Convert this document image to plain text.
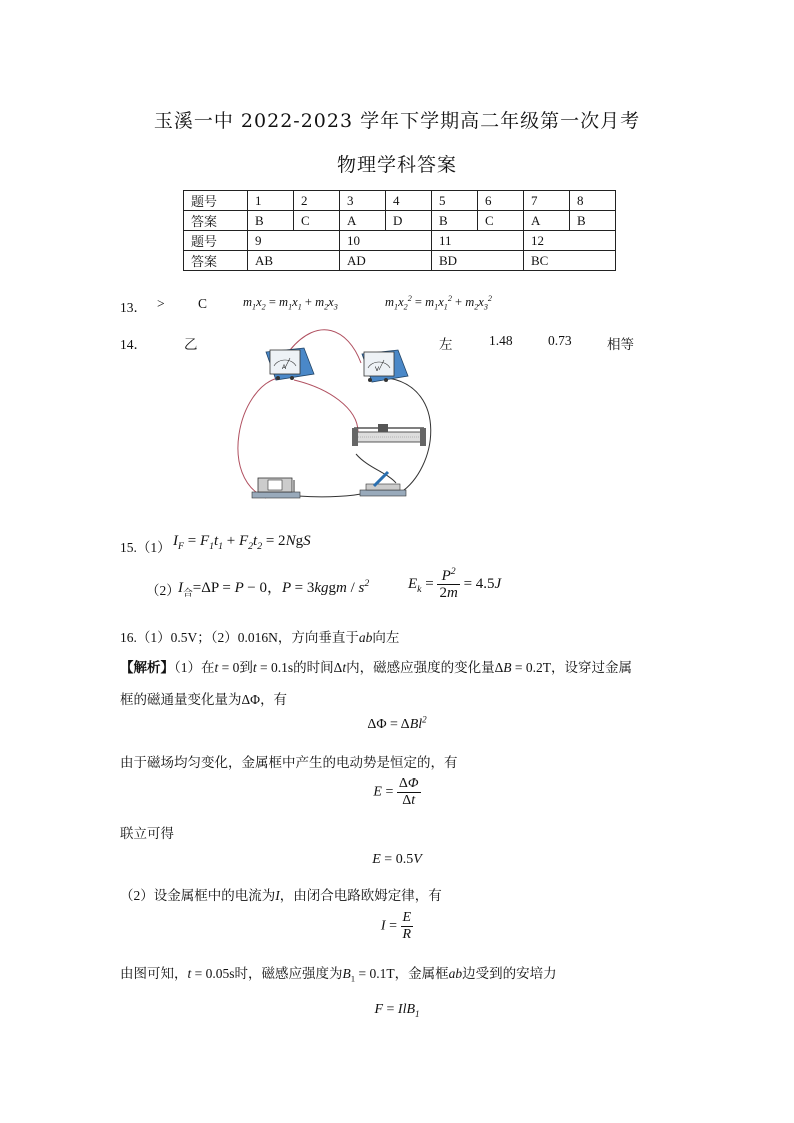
玉溪一中 2022-2023 学年下学期高二年级第一次月考
物理学科答案
题号	1	2	3	4	5	6	7	8
答案	B	C	A	D	B	C	A	B
题号	9		10		11		12	
答案	AB		AD		BD		BC	
13． > C	$m_1x_2 = m_1x_1 + m_2x_3$	$m_1x_2^2 = m_1x_1^2 + m_2x_3^2$
14．	乙	左	1.48	0.73	相等
A	V
15.（1） $I_F = F_1t_1 + F_2t_2 = 2NgS$
（2）
$I_合=\Delta P = P - 0$，P = 3kggm / $s^2$	$E_k = \frac{P^2}{2m} = 4.5J$
16.（1）0.5V；（2）0.016N，方向垂直于ab向左
【解析】（1）在t = 0到t = 0.1s的时间Δt内，磁感应强度的变化量ΔB = 0.2T，设穿过金属
框的磁通量变化量为ΔΦ，有
ΔΦ = ΔBl$^2$
由于磁场均匀变化，金属框中产生的电动势是恒定的，有
$E = \frac{\Delta\Phi}{\Delta t}$
联立可得
E = 0.5V
（2）设金属框中的电流为I，由闭合电路欧姆定律，有
$I = \frac{E}{R}$
由图可知，t = 0.05s时，磁感应强度为$B_1 = 0.1T$，金属框ab边受到的安培力
F = IlB$_1$
